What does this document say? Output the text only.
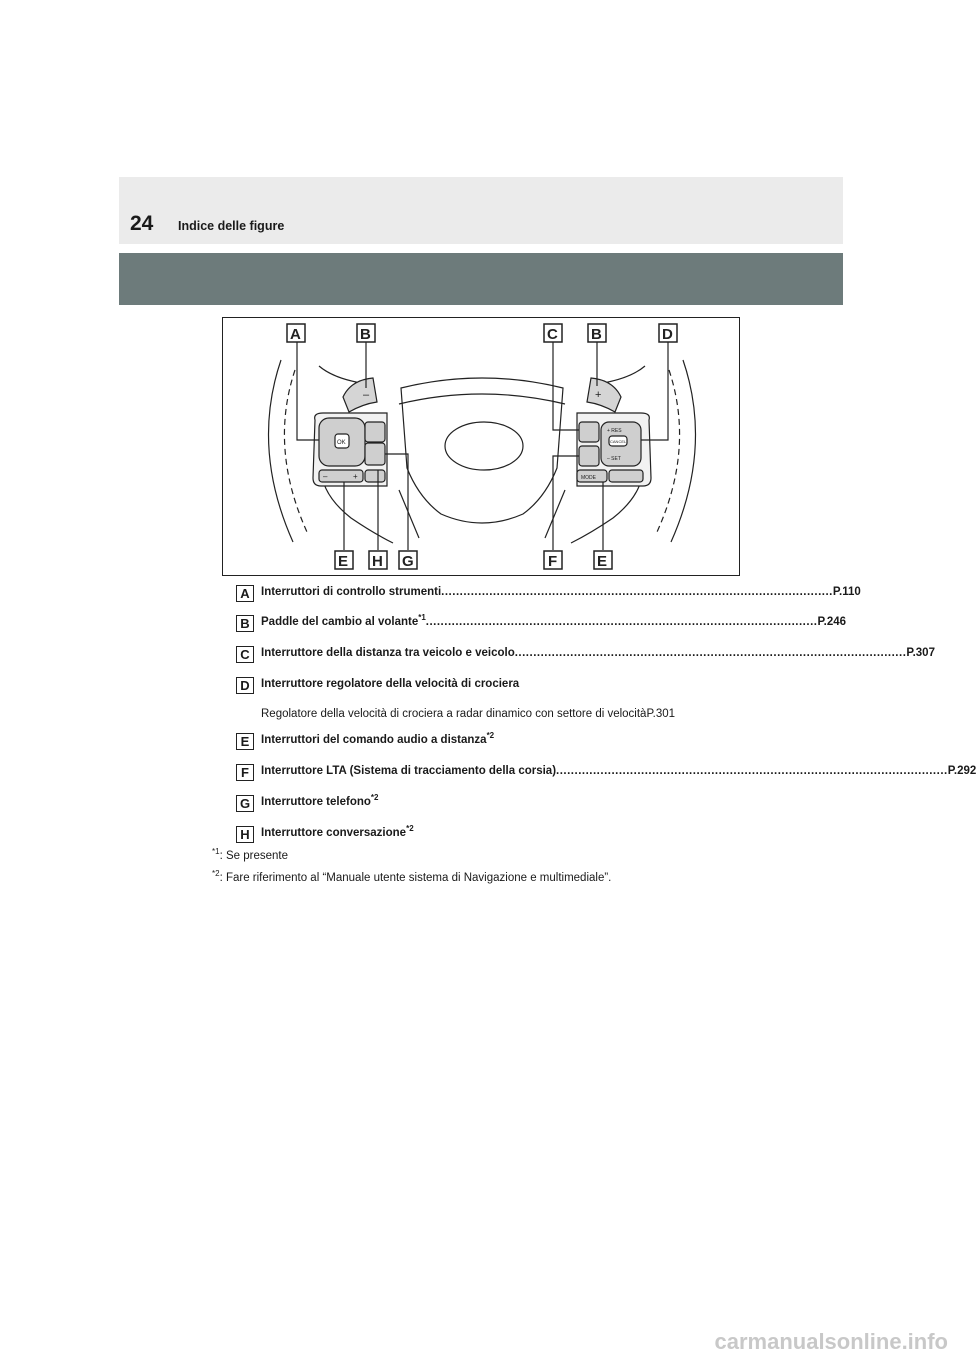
24 Indice delle figure
–	+
OK
–	+
+ RES
CANCEL
– SET
MODE
A	B	C B	D
E H G	F	E
A Interruttori di controllo strumenti .......................................................................................................... P.110
B Paddle del cambio al volante$^{*1}$ .......................................................................................................... P.246
C Interruttore della distanza tra veicolo e veicolo .......................................................................................................... P.307
D Interruttore regolatore della velocità di crociera
Regolatore della velocità di crociera a radar dinamico con settore di velocitàP.301
E	Interruttori del comando audio a distanza$^{*2}$
F	Interruttore LTA (Sistema di tracciamento della corsia) .......................................................................................................... P.292
G Interruttore telefono$^{*2}$
H Interruttore conversazione$^{*2}$
$^{*1}$: Se presente
$^{*2}$: Fare riferimento al “Manuale utente sistema di Navigazione e multimediale”.
carmanualsonline.info
